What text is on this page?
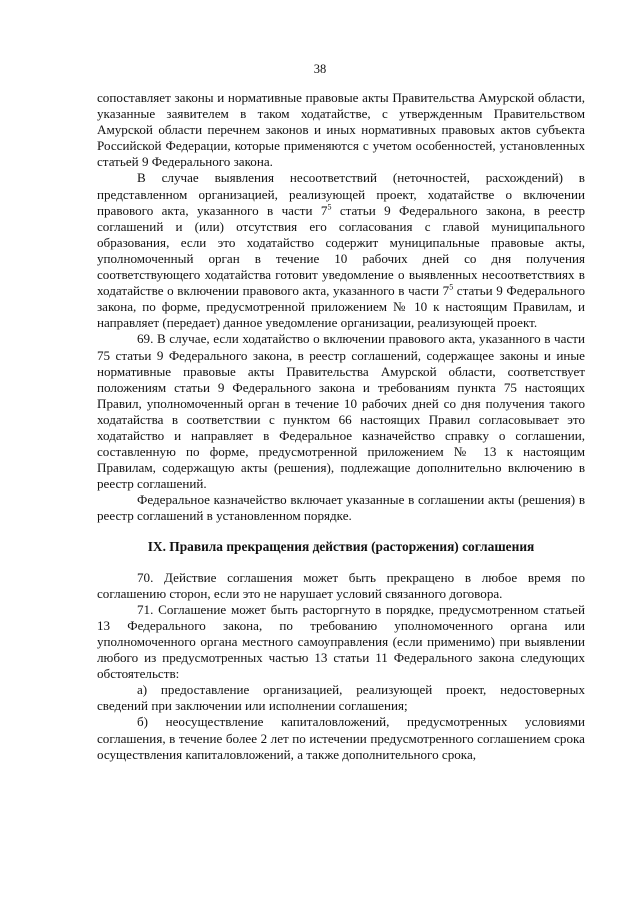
38

сопоставляет законы и нормативные правовые акты Правительства Амурской области, указанные заявителем в таком ходатайстве, с утвержденным Правительством Амурской области перечнем законов и иных нормативных правовых актов субъекта Российской Федерации, которые применяются с учетом особенностей, установленных статьей 9 Федерального закона.

В случае выявления несоответствий (неточностей, расхождений) в представленном организацией, реализующей проект, ходатайстве о включении правового акта, указанного в части $7^5$ статьи 9 Федерального закона, в реестр соглашений и (или) отсутствия его согласования с главой муниципального образования, если это ходатайство содержит муниципальные правовые акты, уполномоченный орган в течение 10 рабочих дней со дня получения соответствующего ходатайства готовит уведомление о выявленных несоответствиях в ходатайстве о включении правового акта, указанного в части $7^5$ статьи 9 Федерального закона, по форме, предусмотренной приложением № 10 к настоящим Правилам, и направляет (передает) данное уведомление организации, реализующей проект.

69. В случае, если ходатайство о включении правового акта, указанного в части 75 статьи 9 Федерального закона, в реестр соглашений, содержащее законы и иные нормативные правовые акты Правительства Амурской области, соответствует положениям статьи 9 Федерального закона и требованиям пункта 75 настоящих Правил, уполномоченный орган в течение 10 рабочих дней со дня получения такого ходатайства в соответствии с пунктом 66 настоящих Правил согласовывает это ходатайство и направляет в Федеральное казначейство справку о соглашении, составленную по форме, предусмотренной приложением № 13 к настоящим Правилам, содержащую акты (решения), подлежащие дополнительно включению в реестр соглашений.

Федеральное казначейство включает указанные в соглашении акты (решения) в реестр соглашений в установленном порядке.

IX. Правила прекращения действия (расторжения) соглашения

70. Действие соглашения может быть прекращено в любое время по соглашению сторон, если это не нарушает условий связанного договора.

71. Соглашение может быть расторгнуто в порядке, предусмотренном статьей 13 Федерального закона, по требованию уполномоченного органа или уполномоченного органа местного самоуправления (если применимо) при выявлении любого из предусмотренных частью 13 статьи 11 Федерального закона следующих обстоятельств:

а) предоставление организацией, реализующей проект, недостоверных сведений при заключении или исполнении соглашения;

б) неосуществление капиталовложений, предусмотренных условиями соглашения, в течение более 2 лет по истечении предусмотренного соглашением срока осуществления капиталовложений, а также дополнительного срока,
